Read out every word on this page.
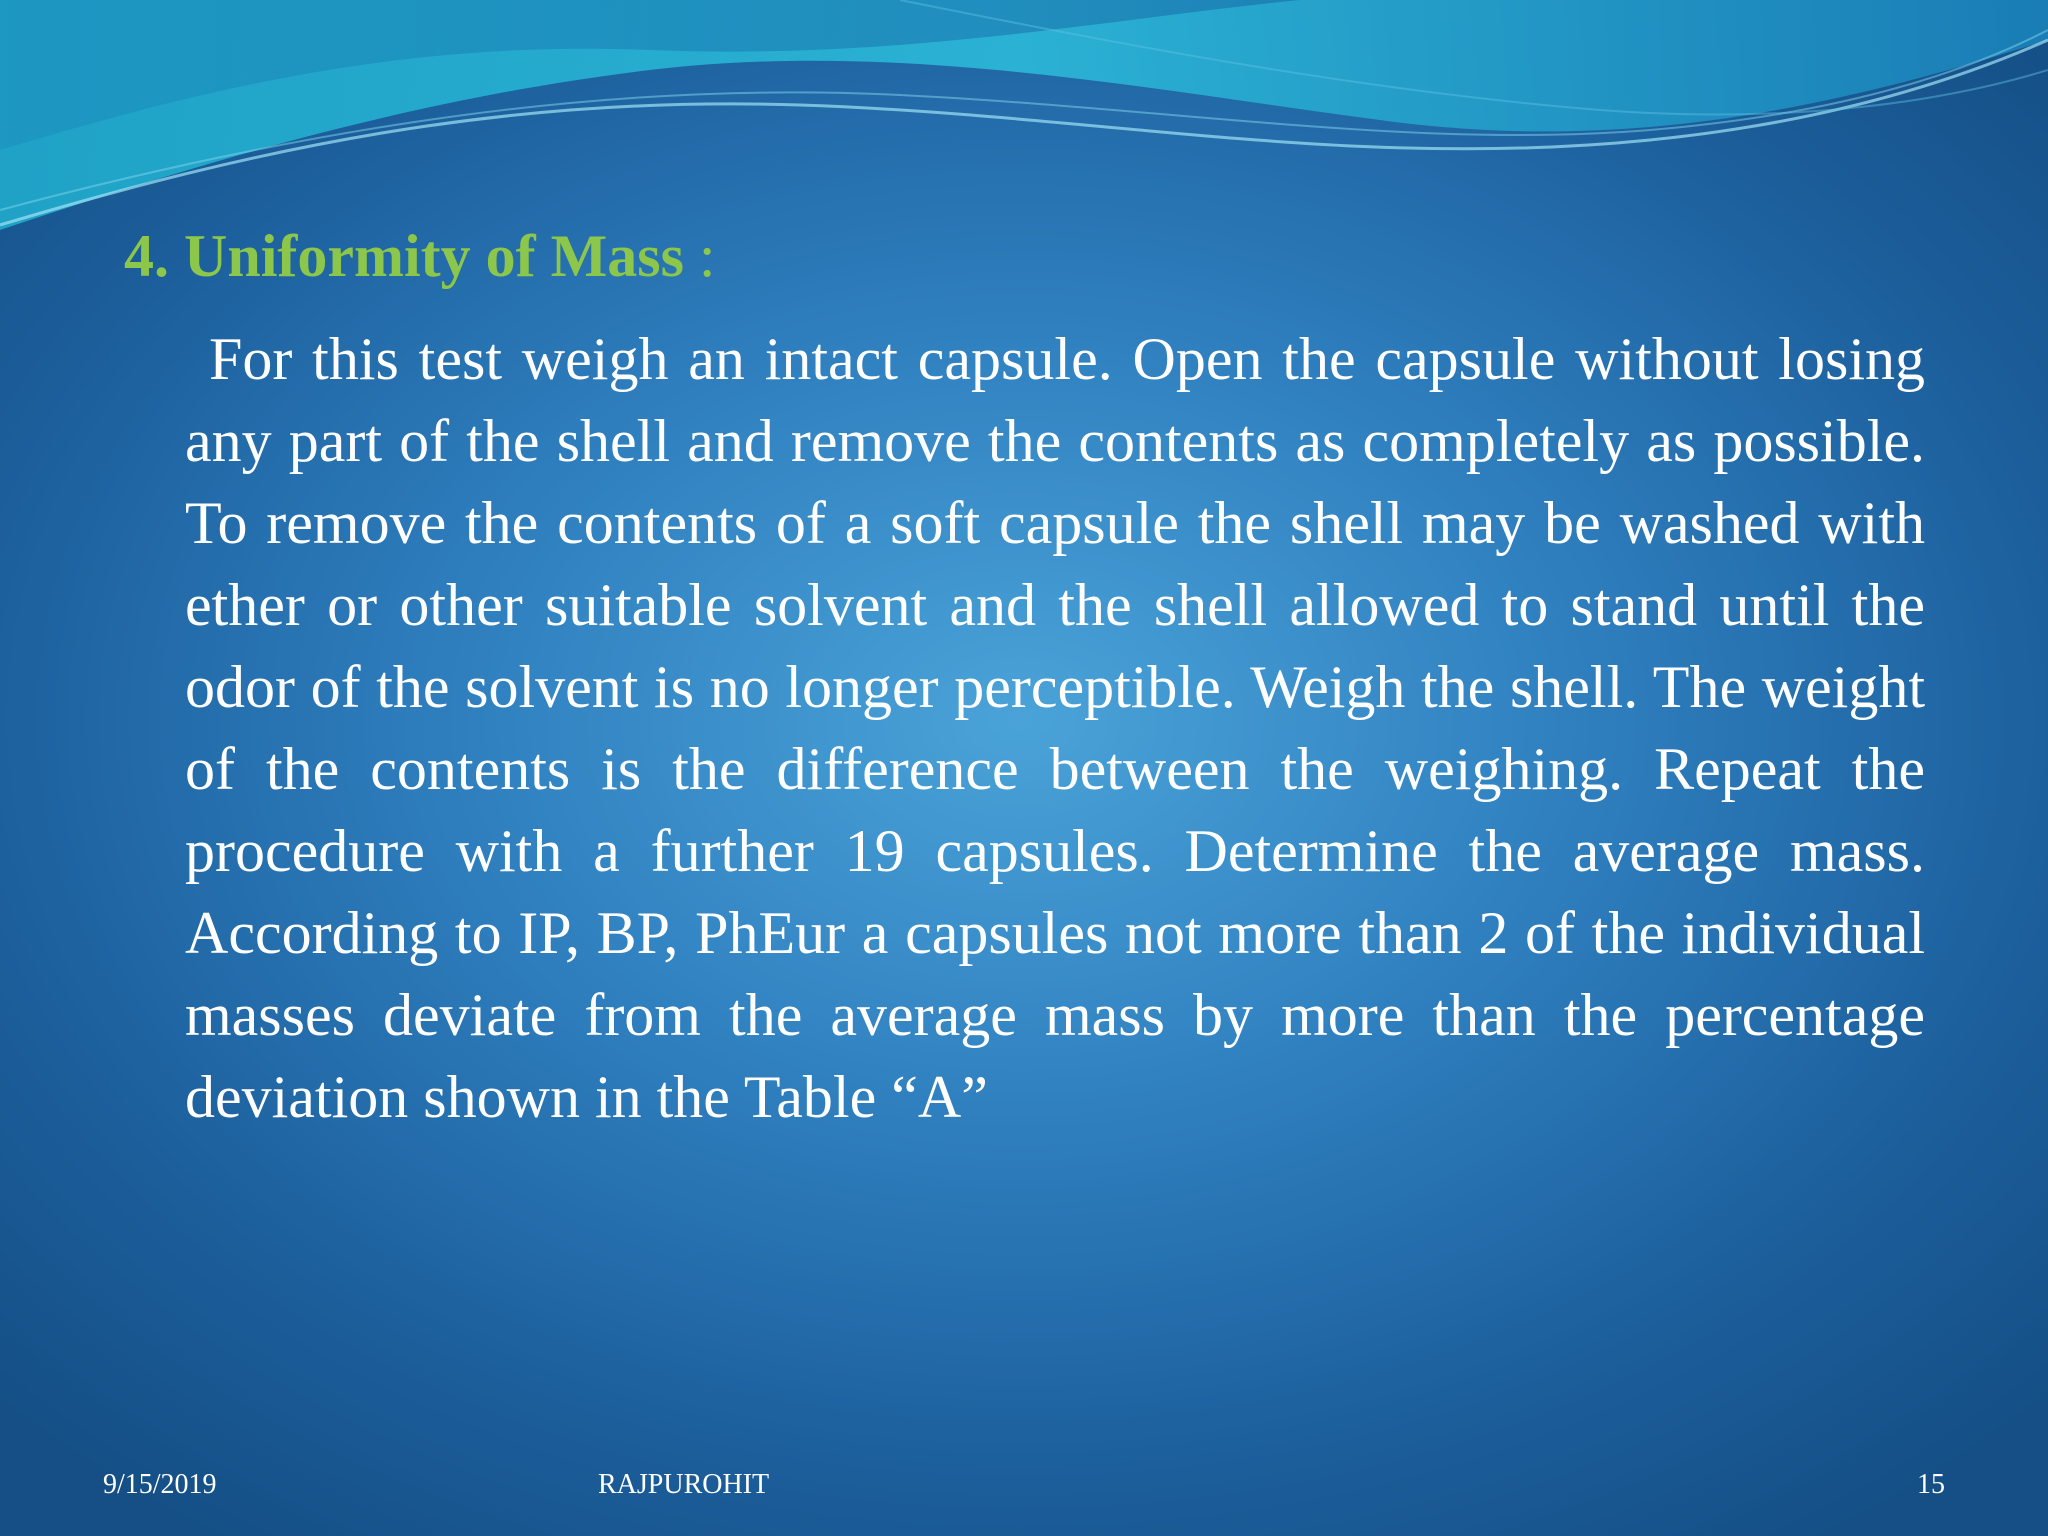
4. Uniformity of Mass :

For this test weigh an intact capsule. Open the capsule without losing any part of the shell and remove the contents as completely as possible. To remove the contents of a soft capsule the shell may be washed with ether or other suitable solvent and the shell allowed to stand until the odor of the solvent is no longer perceptible. Weigh the shell. The weight of the contents is the difference between the weighing. Repeat the procedure with a further 19 capsules. Determine the average mass. According to IP, BP, PhEur a capsules not more than 2 of the individual masses deviate from the average mass by more than the percentage deviation shown in the Table “A”

9/15/2019	RAJPUROHIT	15
